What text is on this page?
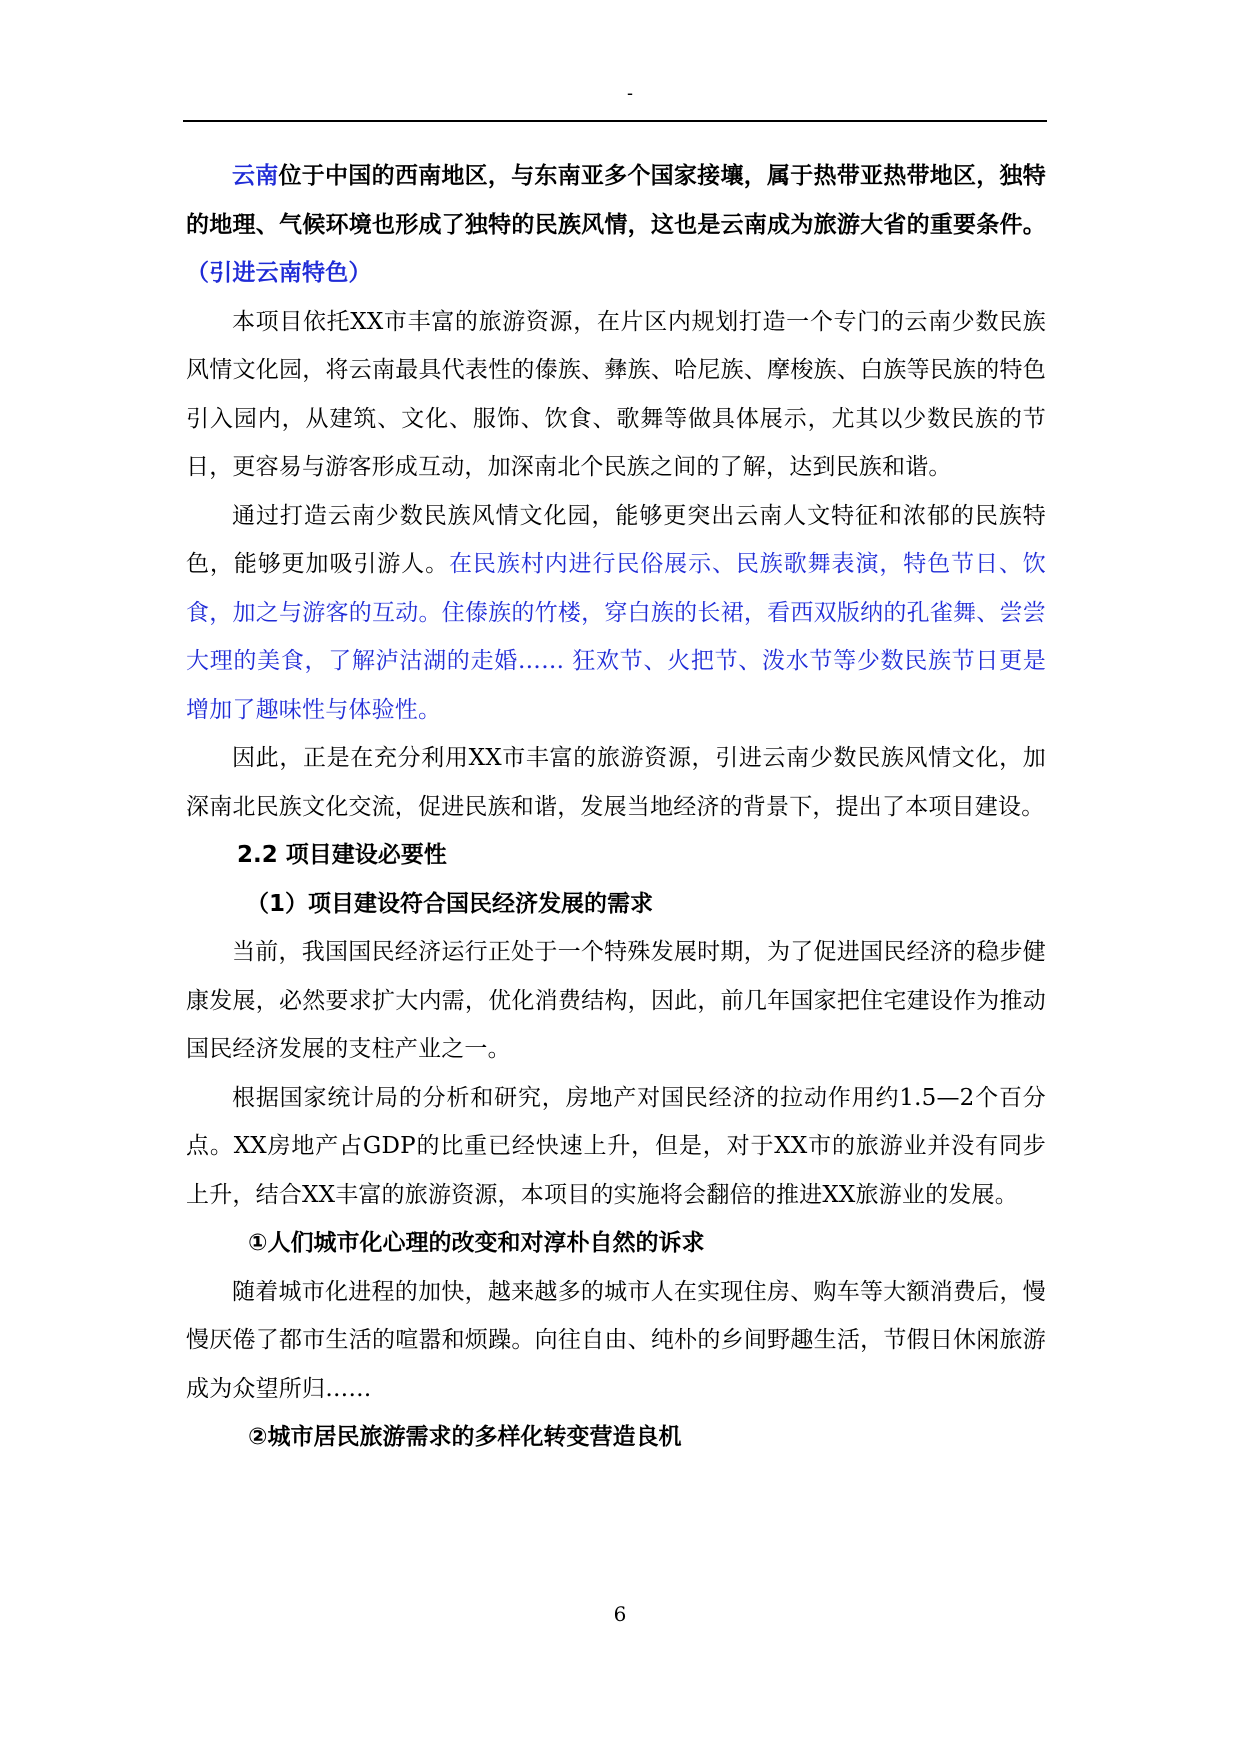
-

云南位于中国的西南地区，与东南亚多个国家接壤，属于热带亚热带地区，独特的地理、气候环境也形成了独特的民族风情，这也是云南成为旅游大省的重要条件。（引进云南特色）

本项目依托XX市丰富的旅游资源，在片区内规划打造一个专门的云南少数民族风情文化园，将云南最具代表性的傣族、彝族、哈尼族、摩梭族、白族等民族的特色引入园内，从建筑、文化、服饰、饮食、歌舞等做具体展示，尤其以少数民族的节日，更容易与游客形成互动，加深南北个民族之间的了解，达到民族和谐。

通过打造云南少数民族风情文化园，能够更突出云南人文特征和浓郁的民族特色，能够更加吸引游人。在民族村内进行民俗展示、民族歌舞表演，特色节日、饮食，加之与游客的互动。住傣族的竹楼，穿白族的长裙，看西双版纳的孔雀舞、尝尝大理的美食，了解泸沽湖的走婚…… 狂欢节、火把节、泼水节等少数民族节日更是增加了趣味性与体验性。

因此，正是在充分利用XX市丰富的旅游资源，引进云南少数民族风情文化，加深南北民族文化交流，促进民族和谐，发展当地经济的背景下，提出了本项目建设。

2.2 项目建设必要性

（1）项目建设符合国民经济发展的需求

当前，我国国民经济运行正处于一个特殊发展时期，为了促进国民经济的稳步健康发展，必然要求扩大内需，优化消费结构，因此，前几年国家把住宅建设作为推动国民经济发展的支柱产业之一。

根据国家统计局的分析和研究，房地产对国民经济的拉动作用约1.5—2个百分点。XX房地产占GDP的比重已经快速上升，但是，对于XX市的旅游业并没有同步上升，结合XX丰富的旅游资源，本项目的实施将会翻倍的推进XX旅游业的发展。

①人们城市化心理的改变和对淳朴自然的诉求

随着城市化进程的加快，越来越多的城市人在实现住房、购车等大额消费后，慢慢厌倦了都市生活的喧嚣和烦躁。向往自由、纯朴的乡间野趣生活，节假日休闲旅游成为众望所归……

②城市居民旅游需求的多样化转变营造良机

6
